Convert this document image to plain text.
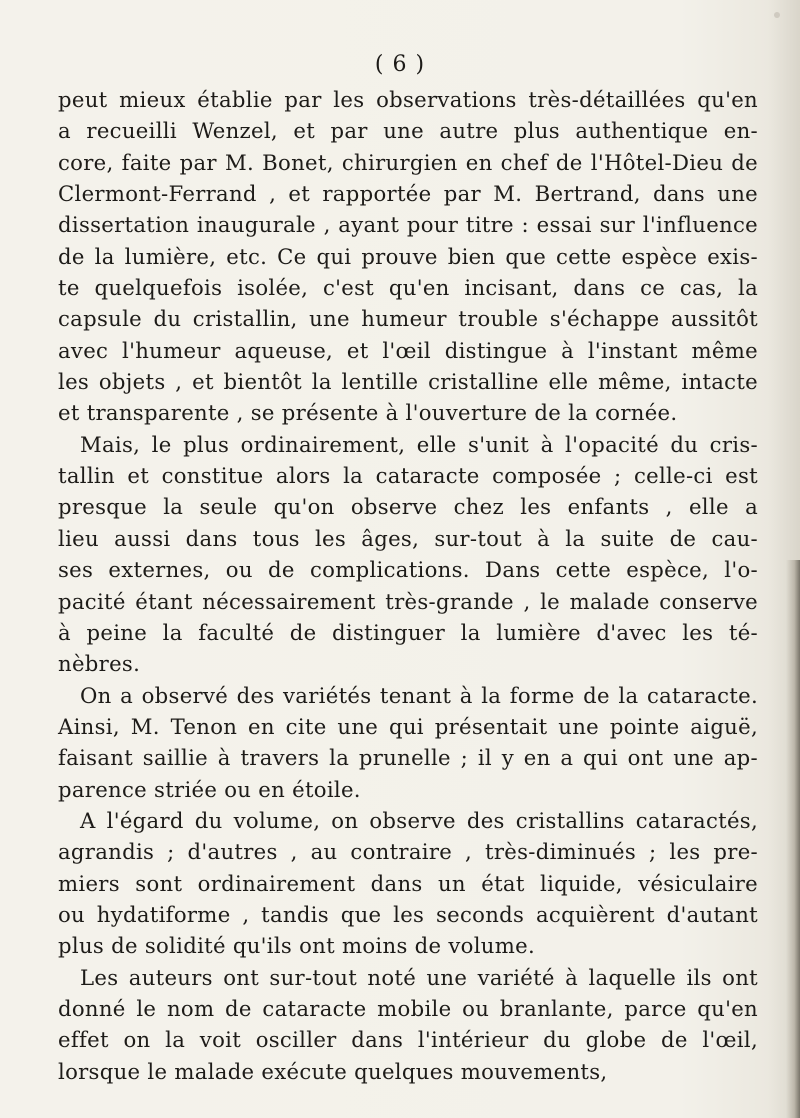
( 6 )
peut mieux établie par les observations très-détaillées qu'en
a recueilli Wenzel, et par une autre plus authentique en-
core, faite par M. Bonet, chirurgien en chef de l'Hôtel-Dieu de
Clermont-Ferrand , et rapportée par M. Bertrand, dans une
dissertation inaugurale , ayant pour titre : essai sur l'influence
de la lumière, etc. Ce qui prouve bien que cette espèce exis-
te quelquefois isolée, c'est qu'en incisant, dans ce cas, la
capsule du cristallin, une humeur trouble s'échappe aussitôt
avec l'humeur aqueuse, et l'œil distingue à l'instant même
les objets , et bientôt la lentille cristalline elle même, intacte
et transparente , se présente à l'ouverture de la cornée.
Mais, le plus ordinairement, elle s'unit à l'opacité du cris-
tallin et constitue alors la cataracte composée ; celle-ci est
presque la seule qu'on observe chez les enfants , elle a
lieu aussi dans tous les âges, sur-tout à la suite de cau-
ses externes, ou de complications. Dans cette espèce, l'o-
pacité étant nécessairement très-grande , le malade conserve
à peine la faculté de distinguer la lumière d'avec les té-
nèbres.
On a observé des variétés tenant à la forme de la cataracte.
Ainsi, M. Tenon en cite une qui présentait une pointe aiguë,
faisant saillie à travers la prunelle ; il y en a qui ont une ap-
parence striée ou en étoile.
A l'égard du volume, on observe des cristallins cataractés,
agrandis ; d'autres , au contraire , très-diminués ; les pre-
miers sont ordinairement dans un état liquide, vésiculaire
ou hydatiforme , tandis que les seconds acquièrent d'autant
plus de solidité qu'ils ont moins de volume.
Les auteurs ont sur-tout noté une variété à laquelle ils ont
donné le nom de cataracte mobile ou branlante, parce qu'en
effet on la voit osciller dans l'intérieur du globe de l'œil,
lorsque le malade exécute quelques mouvements,
